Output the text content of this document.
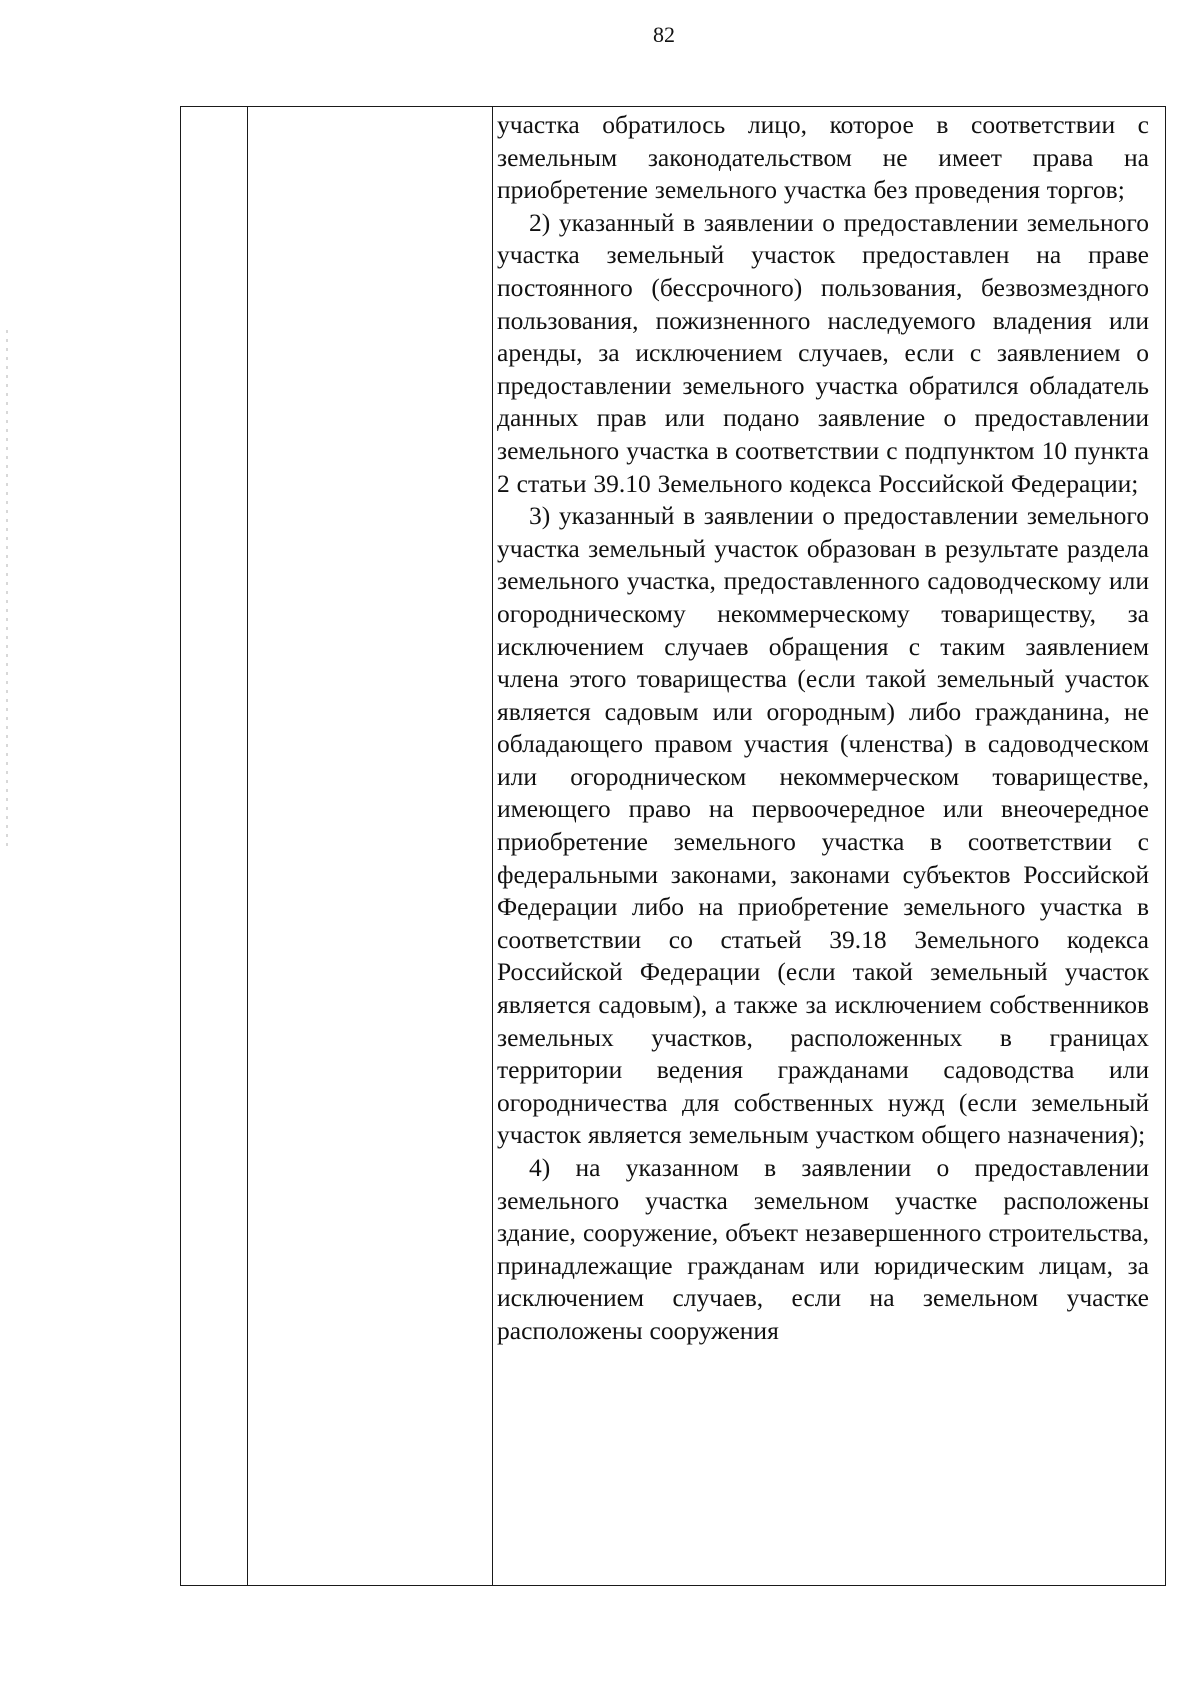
82

участка обратилось лицо, которое в соответствии с земельным законодательством не имеет права на приобретение земельного участка без проведения торгов;

2) указанный в заявлении о предоставлении земельного участка земельный участок предоставлен на праве постоянного (бессрочного) пользования, безвозмездного пользования, пожизненного наследуемого владения или аренды, за исключением случаев, если с заявлением о предоставлении земельного участка обратился обладатель данных прав или подано заявление о предоставлении земельного участка в соответствии с подпунктом 10 пункта 2 статьи 39.10 Земельного кодекса Российской Федерации;

3) указанный в заявлении о предоставлении земельного участка земельный участок образован в результате раздела земельного участка, предоставленного садоводческому или огородническому некоммерческому товариществу, за исключением случаев обращения с таким заявлением члена этого товарищества (если такой земельный участок является садовым или огородным) либо гражданина, не обладающего правом участия (членства) в садоводческом или огородническом некоммерческом товариществе, имеющего право на первоочередное или внеочередное приобретение земельного участка в соответствии с федеральными законами, законами субъектов Российской Федерации либо на приобретение земельного участка в соответствии со статьей 39.18 Земельного кодекса Российской Федерации (если такой земельный участок является садовым), а также за исключением собственников земельных участков, расположенных в границах территории ведения гражданами садоводства или огородничества для собственных нужд (если земельный участок является земельным участком общего назначения);

4) на указанном в заявлении о предоставлении земельного участка земельном участке расположены здание, сооружение, объект незавершенного строительства, принадлежащие гражданам или юридическим лицам, за исключением случаев, если на земельном участке расположены сооружения
